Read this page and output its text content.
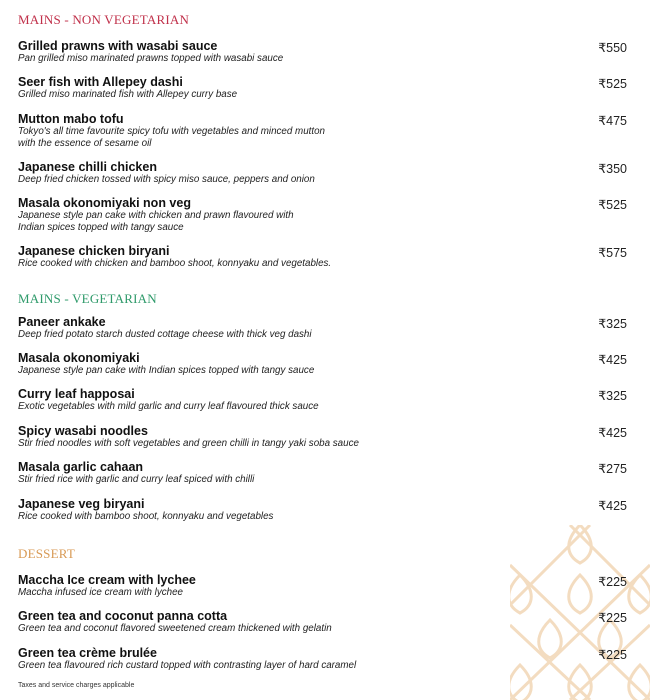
MAINS - NON VEGETARIAN
Grilled prawns with wasabi sauce
Pan grilled miso marinated prawns topped with wasabi sauce
₹550
Seer fish with Allepey dashi
Grilled miso marinated fish with Allepey curry base
₹525
Mutton mabo tofu
Tokyo's all time favourite spicy tofu with vegetables and minced mutton
with the essence of sesame oil
₹475
Japanese chilli chicken
Deep fried chicken tossed with spicy miso sauce, peppers and onion
₹350
Masala okonomiyaki non veg
Japanese style pan cake with chicken and prawn flavoured with
Indian spices topped with tangy sauce
₹525
Japanese chicken biryani
Rice cooked with chicken and bamboo shoot, konnyaku and vegetables.
₹575
MAINS - VEGETARIAN
Paneer ankake
Deep fried potato starch dusted cottage cheese with thick veg dashi
₹325
Masala okonomiyaki
Japanese style pan cake with Indian spices topped with tangy sauce
₹425
Curry leaf happosai
Exotic vegetables with mild garlic and curry leaf flavoured thick sauce
₹325
Spicy wasabi noodles
Stir fried noodles with soft vegetables and green chilli in tangy yaki soba sauce
₹425
Masala garlic cahaan
Stir fried rice with garlic and curry leaf spiced with chilli
₹275
Japanese veg biryani
Rice cooked with bamboo shoot, konnyaku and vegetables
₹425
DESSERT
Maccha Ice cream with lychee
Maccha infused ice cream with lychee
₹225
Green tea and coconut panna cotta
Green tea and coconut flavored sweetened cream thickened with gelatin
₹225
Green tea crème brulée
Green tea flavoured rich custard topped with contrasting layer of hard caramel
₹225
Taxes and service charges applicable
